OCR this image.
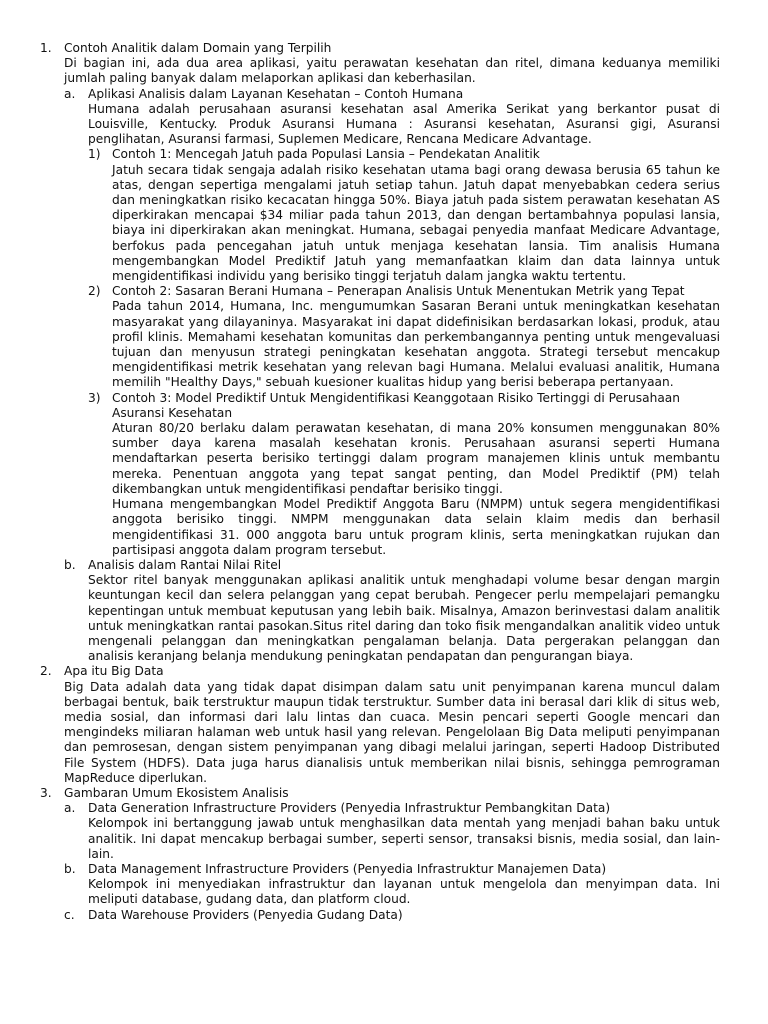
1.	Contoh Analitik dalam Domain yang Terpilih
Di bagian ini, ada dua area aplikasi, yaitu perawatan kesehatan dan ritel, dimana keduanya memiliki jumlah paling banyak dalam melaporkan aplikasi dan keberhasilan.
a.	Aplikasi Analisis dalam Layanan Kesehatan – Contoh Humana
Humana adalah perusahaan asuransi kesehatan asal Amerika Serikat yang berkantor pusat di Louisville, Kentucky. Produk Asuransi Humana : Asuransi kesehatan, Asuransi gigi, Asuransi penglihatan, Asuransi farmasi, Suplemen Medicare, Rencana Medicare Advantage.
1) Contoh 1: Mencegah Jatuh pada Populasi Lansia – Pendekatan Analitik
Jatuh secara tidak sengaja adalah risiko kesehatan utama bagi orang dewasa berusia 65 tahun ke atas, dengan sepertiga mengalami jatuh setiap tahun. Jatuh dapat menyebabkan cedera serius dan meningkatkan risiko kecacatan hingga 50%. Biaya jatuh pada sistem perawatan kesehatan AS diperkirakan mencapai $34 miliar pada tahun 2013, dan dengan bertambahnya populasi lansia, biaya ini diperkirakan akan meningkat. Humana, sebagai penyedia manfaat Medicare Advantage, berfokus pada pencegahan jatuh untuk menjaga kesehatan lansia. Tim analisis Humana mengembangkan Model Prediktif Jatuh yang memanfaatkan klaim dan data lainnya untuk mengidentifikasi individu yang berisiko tinggi terjatuh dalam jangka waktu tertentu.
2) Contoh 2: Sasaran Berani Humana – Penerapan Analisis Untuk Menentukan Metrik yang Tepat
Pada tahun 2014, Humana, Inc. mengumumkan Sasaran Berani untuk meningkatkan kesehatan masyarakat yang dilayaninya. Masyarakat ini dapat didefinisikan berdasarkan lokasi, produk, atau profil klinis. Memahami kesehatan komunitas dan perkembangannya penting untuk mengevaluasi tujuan dan menyusun strategi peningkatan kesehatan anggota. Strategi tersebut mencakup mengidentifikasi metrik kesehatan yang relevan bagi Humana. Melalui evaluasi analitik, Humana memilih "Healthy Days," sebuah kuesioner kualitas hidup yang berisi beberapa pertanyaan.
3) Contoh 3: Model Prediktif Untuk Mengidentifikasi Keanggotaan Risiko Tertinggi di Perusahaan Asuransi Kesehatan
Aturan 80/20 berlaku dalam perawatan kesehatan, di mana 20% konsumen menggunakan 80% sumber daya karena masalah kesehatan kronis. Perusahaan asuransi seperti Humana mendaftarkan peserta berisiko tertinggi dalam program manajemen klinis untuk membantu mereka. Penentuan anggota yang tepat sangat penting, dan Model Prediktif (PM) telah dikembangkan untuk mengidentifikasi pendaftar berisiko tinggi.
Humana mengembangkan Model Prediktif Anggota Baru (NMPM) untuk segera mengidentifikasi anggota berisiko tinggi. NMPM menggunakan data selain klaim medis dan berhasil mengidentifikasi 31. 000 anggota baru untuk program klinis, serta meningkatkan rujukan dan partisipasi anggota dalam program tersebut.
b.	Analisis dalam Rantai Nilai Ritel
Sektor ritel banyak menggunakan aplikasi analitik untuk menghadapi volume besar dengan margin keuntungan kecil dan selera pelanggan yang cepat berubah. Pengecer perlu mempelajari pemangku kepentingan untuk membuat keputusan yang lebih baik. Misalnya, Amazon berinvestasi dalam analitik untuk meningkatkan rantai pasokan.Situs ritel daring dan toko fisik mengandalkan analitik video untuk mengenali pelanggan dan meningkatkan pengalaman belanja. Data pergerakan pelanggan dan analisis keranjang belanja mendukung peningkatan pendapatan dan pengurangan biaya.
2.	Apa itu Big Data
Big Data adalah data yang tidak dapat disimpan dalam satu unit penyimpanan karena muncul dalam berbagai bentuk, baik terstruktur maupun tidak terstruktur. Sumber data ini berasal dari klik di situs web, media sosial, dan informasi dari lalu lintas dan cuaca. Mesin pencari seperti Google mencari dan mengindeks miliaran halaman web untuk hasil yang relevan. Pengelolaan Big Data meliputi penyimpanan dan pemrosesan, dengan sistem penyimpanan yang dibagi melalui jaringan, seperti Hadoop Distributed File System (HDFS). Data juga harus dianalisis untuk memberikan nilai bisnis, sehingga pemrograman MapReduce diperlukan.
3.	Gambaran Umum Ekosistem Analisis
a.	Data Generation Infrastructure Providers (Penyedia Infrastruktur Pembangkitan Data)
Kelompok ini bertanggung jawab untuk menghasilkan data mentah yang menjadi bahan baku untuk analitik. Ini dapat mencakup berbagai sumber, seperti sensor, transaksi bisnis, media sosial, dan lain-lain.
b.	Data Management Infrastructure Providers (Penyedia Infrastruktur Manajemen Data)
Kelompok ini menyediakan infrastruktur dan layanan untuk mengelola dan menyimpan data. Ini meliputi database, gudang data, dan platform cloud.
c.	Data Warehouse Providers (Penyedia Gudang Data)
